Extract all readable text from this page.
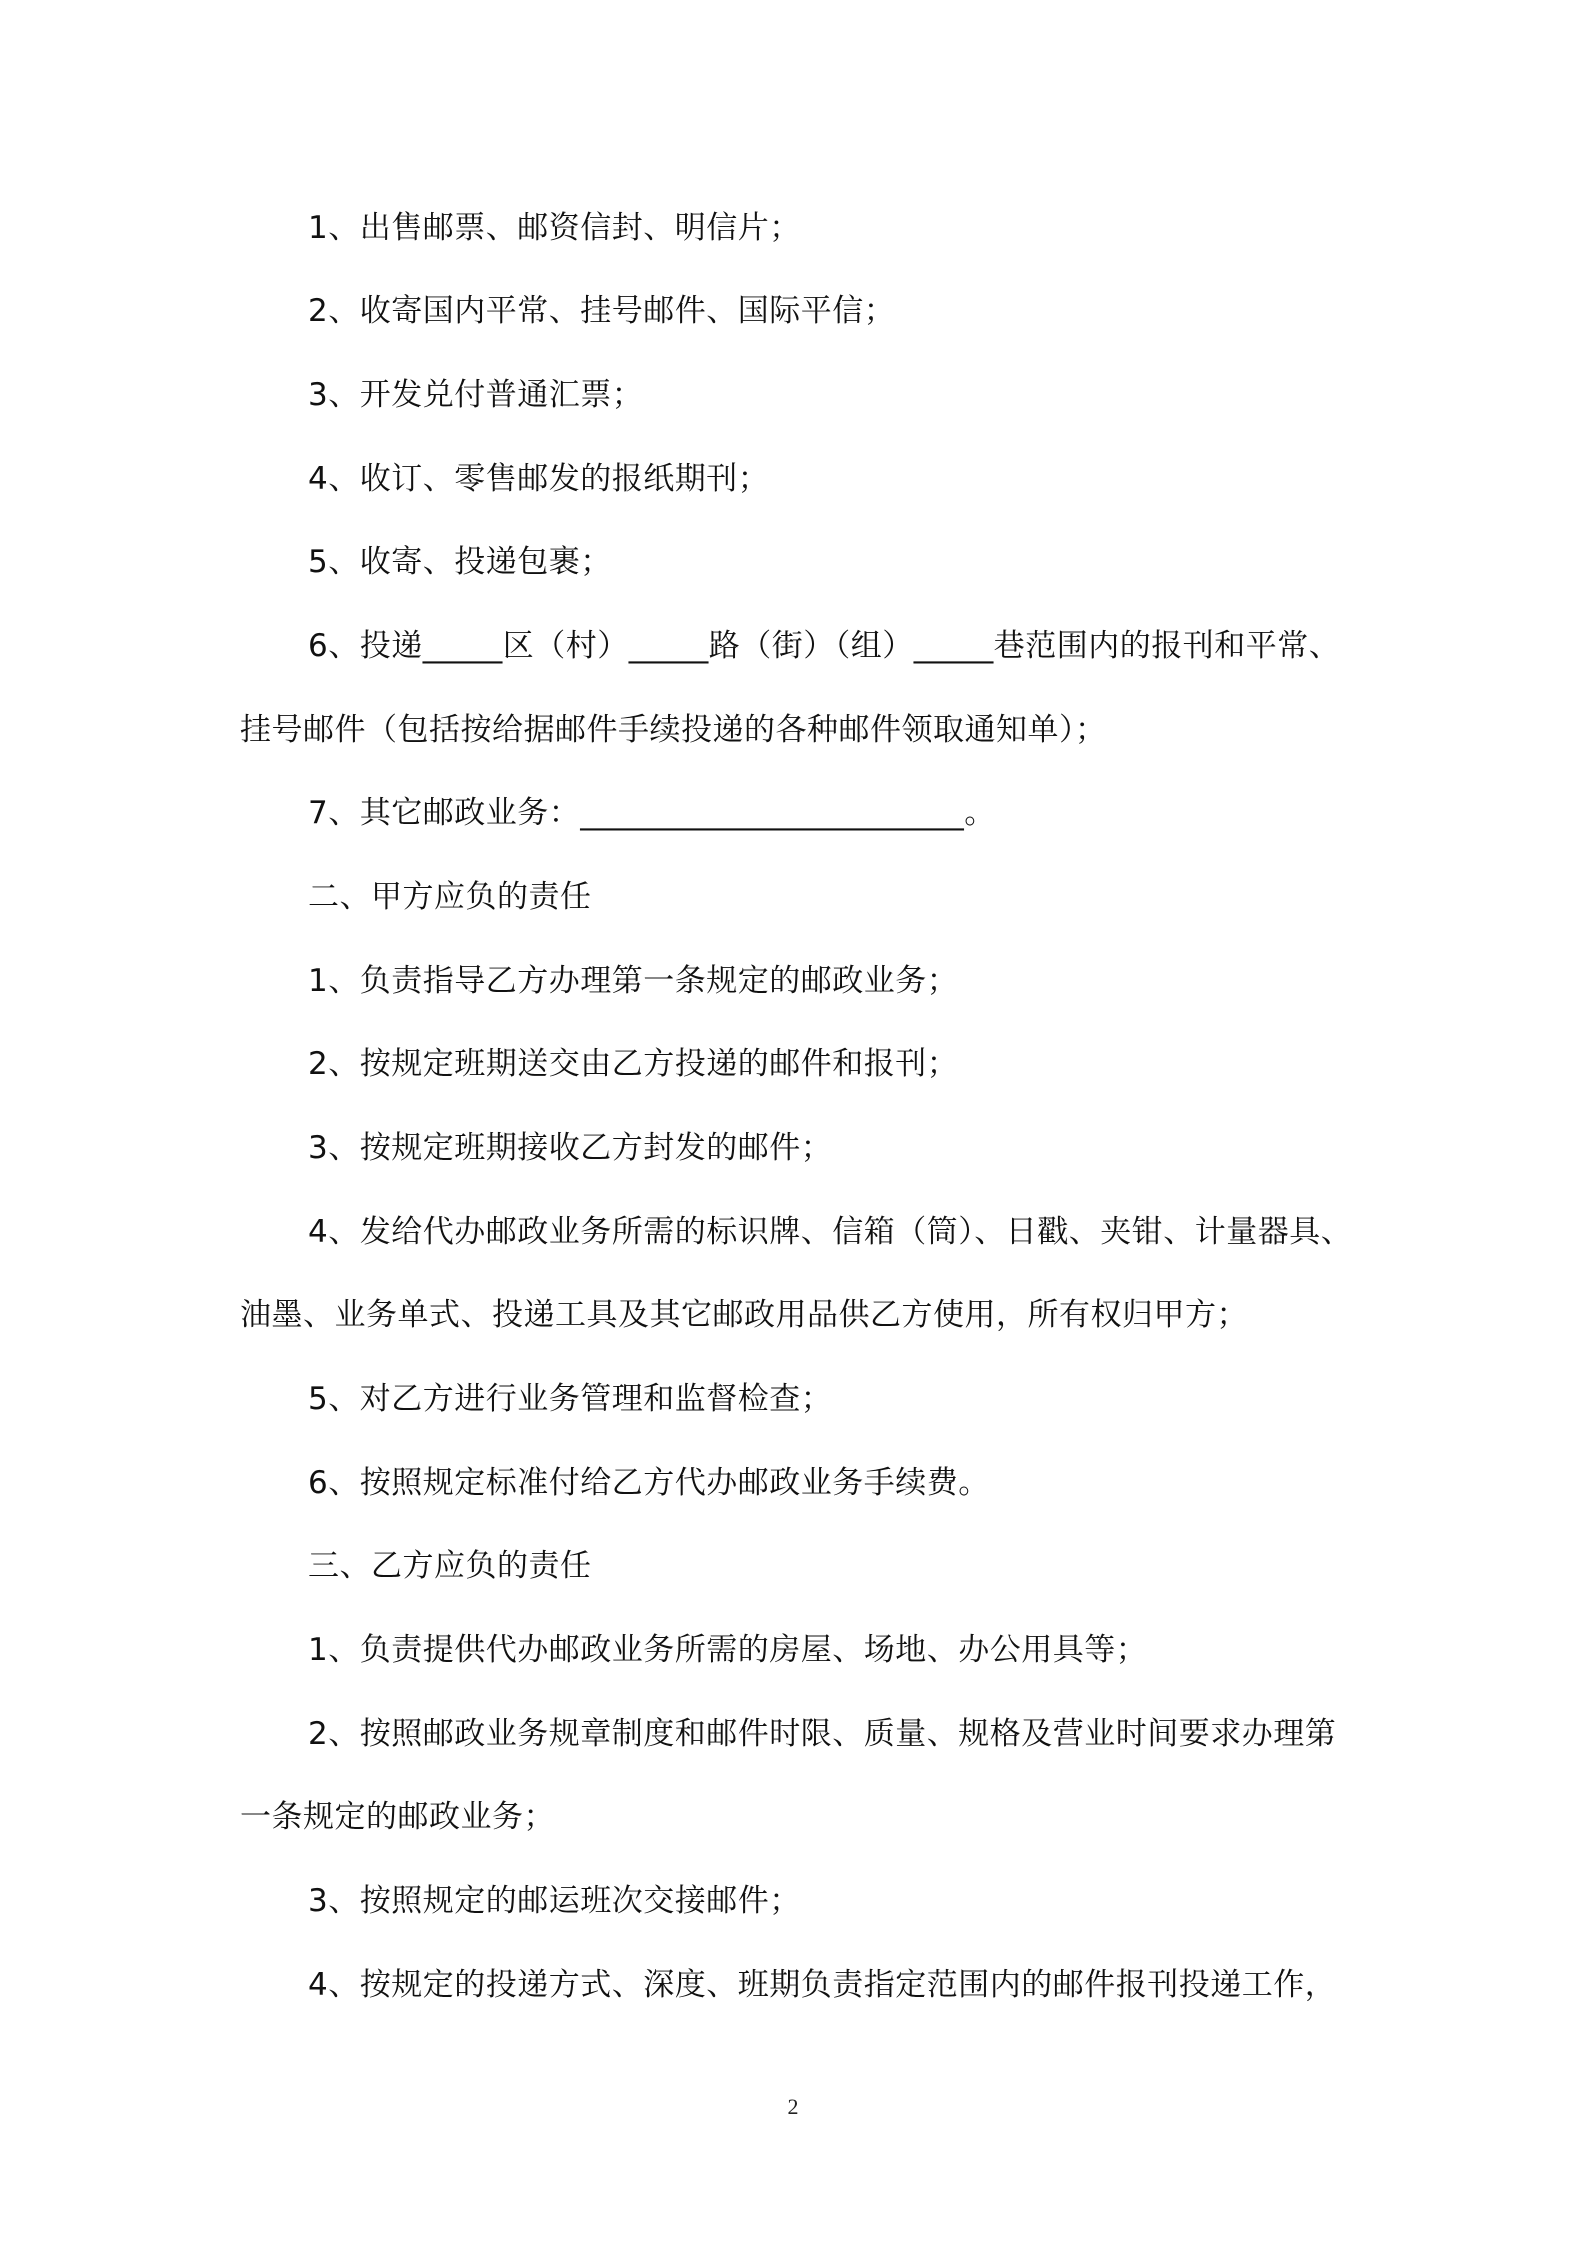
1、出售邮票、邮资信封、明信片；
2、收寄国内平常、挂号邮件、国际平信；
3、开发兑付普通汇票；
4、收订、零售邮发的报纸期刊；
5、收寄、投递包裹；
6、投递_____区（村）_____路（街）（组）_____巷范围内的报刊和平常、
挂号邮件（包括按给据邮件手续投递的各种邮件领取通知单）；
7、其它邮政业务：________________________。
二、甲方应负的责任
1、负责指导乙方办理第一条规定的邮政业务；
2、按规定班期送交由乙方投递的邮件和报刊；
3、按规定班期接收乙方封发的邮件；
4、发给代办邮政业务所需的标识牌、信箱（筒）、日戳、夹钳、计量器具、
油墨、业务单式、投递工具及其它邮政用品供乙方使用，所有权归甲方；
5、对乙方进行业务管理和监督检查；
6、按照规定标准付给乙方代办邮政业务手续费。
三、乙方应负的责任
1、负责提供代办邮政业务所需的房屋、场地、办公用具等；
2、按照邮政业务规章制度和邮件时限、质量、规格及营业时间要求办理第
一条规定的邮政业务；
3、按照规定的邮运班次交接邮件；
4、按规定的投递方式、深度、班期负责指定范围内的邮件报刊投递工作，
2
